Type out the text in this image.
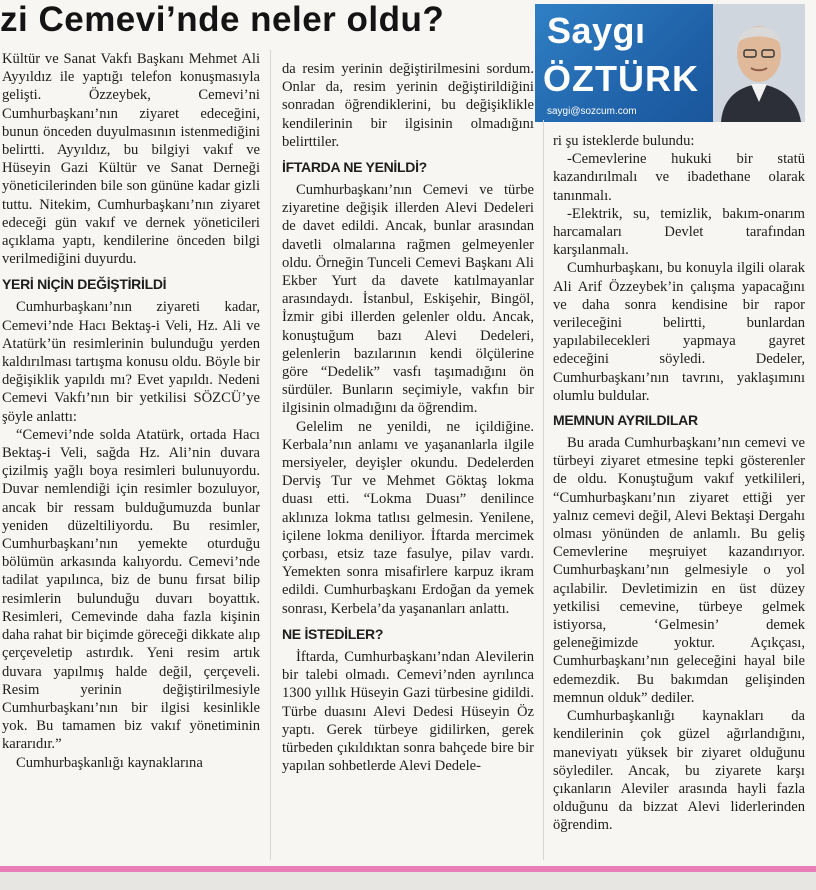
zi Cemevi’nde neler oldu?	Saygı
ÖZTÜRK
saygi@sozcum.com

Kültür ve Sanat Vakfı Başkanı Mehmet Ali Ayyıldız ile yaptığı telefon konuşmasıyla gelişti. Özzeybek, Cemevi’ni Cumhurbaşkanı’nın ziyaret edeceğini, bunun önceden duyulmasının istenmediğini belirtti. Ayyıldız, bu bilgiyi vakıf ve Hüseyin Gazi Kültür ve Sanat Derneği yöneticilerinden bile son gününe kadar gizli tuttu. Nitekim, Cumhurbaşkanı’nın ziyaret edeceği gün vakıf ve dernek yöneticileri açıklama yaptı, kendilerine önceden bilgi verilmediğini duyurdu.

YERİ NİÇİN DEĞİŞTİRİLDİ

Cumhurbaşkanı’nın ziyareti kadar, Cemevi’nde Hacı Bektaş-i Veli, Hz. Ali ve Atatürk’ün resimlerinin bulunduğu yerden kaldırılması tartışma konusu oldu. Böyle bir değişiklik yapıldı mı? Evet yapıldı. Nedeni Cemevi Vakfı’nın bir yetkilisi SÖZCÜ’ye şöyle anlattı:

“Cemevi’nde solda Atatürk, ortada Hacı Bektaş-i Veli, sağda Hz. Ali’nin duvara çizilmiş yağlı boya resimleri bulunuyordu. Duvar nemlendiği için resimler bozuluyor, ancak bir ressam bulduğumuzda bunlar yeniden düzeltiliyordu. Bu resimler, Cumhurbaşkanı’nın yemekte oturduğu bölümün arkasında kalıyordu. Cemevi’nde tadilat yapılınca, biz de bunu fırsat bilip resimlerin bulunduğu duvarı boyattık. Resimleri, Cemevinde daha fazla kişinin daha rahat bir biçimde göreceği dikkate alıp çerçeveletip astırdık. Yeni resim artık duvara yapılmış halde değil, çerçeveli. Resim yerinin değiştirilmesiyle Cumhurbaşkanı’nın bir ilgisi kesinlikle yok. Bu tamamen biz vakıf yönetiminin kararıdır.”

Cumhurbaşkanlığı kaynaklarına

da resim yerinin değiştirilmesini sordum. Onlar da, resim yerinin değiştirildiğini sonradan öğrendiklerini, bu değişiklikle kendilerinin bir ilgisinin olmadığını belirttiler.

İFTARDA NE YENİLDİ?

Cumhurbaşkanı’nın Cemevi ve türbe ziyaretine değişik illerden Alevi Dedeleri de davet edildi. Ancak, bunlar arasından davetli olmalarına rağmen gelmeyenler oldu. Örneğin Tunceli Cemevi Başkanı Ali Ekber Yurt da davete katılmayanlar arasındaydı. İstanbul, Eskişehir, Bingöl, İzmir gibi illerden gelenler oldu. Ancak, konuştuğum bazı Alevi Dedeleri, gelenlerin bazılarının kendi ölçülerine göre “Dedelik” vasfı taşımadığını ön sürdüler. Bunların seçimiyle, vakfın bir ilgisinin olmadığını da öğrendim.

Gelelim ne yenildi, ne içildiğine. Kerbala’nın anlamı ve yaşananlarla ilgile mersiyeler, deyişler okundu. Dedelerden Derviş Tur ve Mehmet Göktaş lokma duası etti. “Lokma Duası” denilince aklınıza lokma tatlısı gelmesin. Yenilene, içilene lokma deniliyor. İftarda mercimek çorbası, etsiz taze fasulye, pilav vardı. Yemekten sonra misafirlere karpuz ikram edildi. Cumhurbaşkanı Erdoğan da yemek sonrası, Kerbela’da yaşananları anlattı.

NE İSTEDİLER?

İftarda, Cumhurbaşkanı’ndan Alevilerin bir talebi olmadı. Cemevi’nden ayrılınca 1300 yıllık Hüseyin Gazi türbesine gidildi. Türbe duasını Alevi Dedesi Hüseyin Öz yaptı. Gerek türbeye gidilirken, gerek türbeden çıkıldıktan sonra bahçede bire bir yapılan sohbetlerde Alevi Dedele-

ri şu isteklerde bulundu:

-Cemevlerine hukuki bir statü kazandırılmalı ve ibadethane olarak tanınmalı.

-Elektrik, su, temizlik, bakım-onarım harcamaları Devlet tarafından karşılanmalı.

Cumhurbaşkanı, bu konuyla ilgili olarak Ali Arif Özzeybek’in çalışma yapacağını ve daha sonra kendisine bir rapor verileceğini belirtti, bunlardan yapılabilecekleri yapmaya gayret edeceğini söyledi. Dedeler, Cumhurbaşkanı’nın tavrını, yaklaşımını olumlu buldular.

MEMNUN AYRILDILAR

Bu arada Cumhurbaşkanı’nın cemevi ve türbeyi ziyaret etmesine tepki gösterenler de oldu. Konuştuğum vakıf yetkilileri, “Cumhurbaşkanı’nın ziyaret ettiği yer yalnız cemevi değil, Alevi Bektaşi Dergahı olması yönünden de anlamlı. Bu geliş Cemevlerine meşruiyet kazandırıyor. Cumhurbaşkanı’nın gelmesiyle o yol açılabilir. Devletimizin en üst düzey yetkilisi cemevine, türbeye gelmek istiyorsa, ‘Gelmesin’ demek geleneğimizde yoktur. Açıkçası, Cumhurbaşkanı’nın geleceğini hayal bile edemezdik. Bu bakımdan gelişinden memnun olduk” dediler.

Cumhurbaşkanlığı kaynakları da kendilerinin çok güzel ağırlandığını, maneviyatı yüksek bir ziyaret olduğunu söylediler. Ancak, bu ziyarete karşı çıkanların Aleviler arasında hayli fazla olduğunu da bizzat Alevi liderlerinden öğrendim.
